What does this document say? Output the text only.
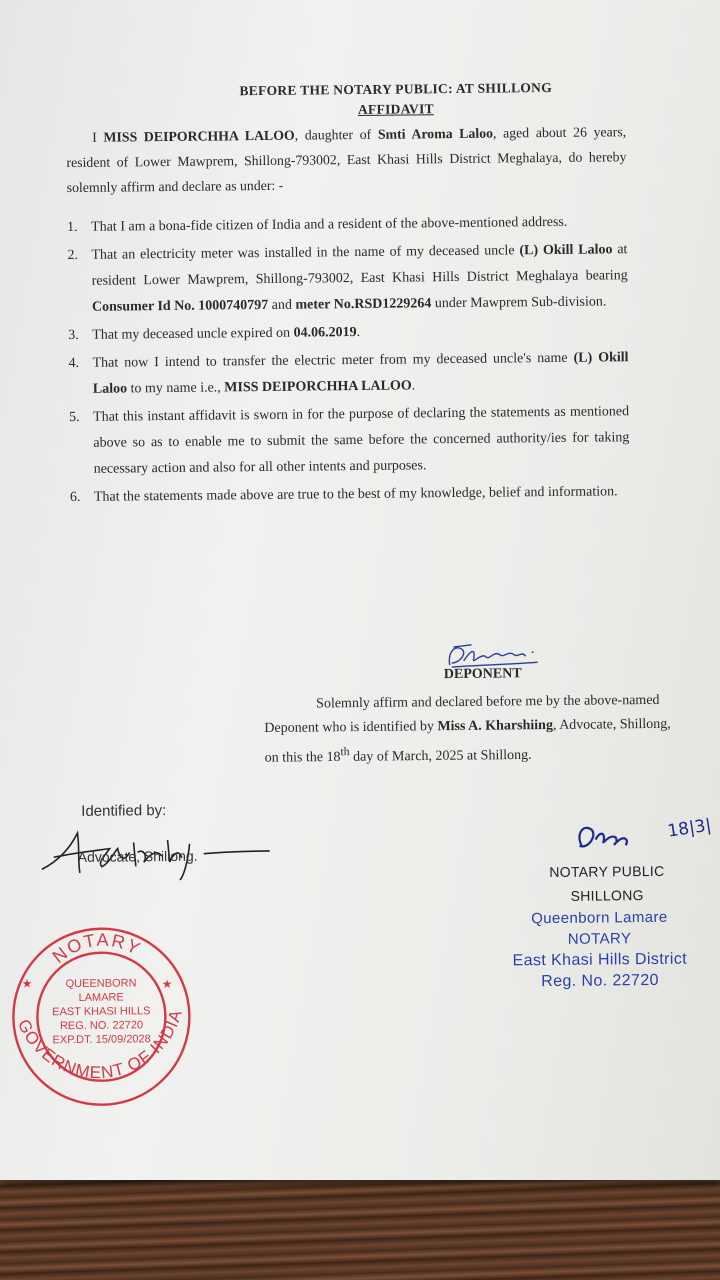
BEFORE THE NOTARY PUBLIC: AT SHILLONG
AFFIDAVIT
I MISS DEIPORCHHA LALOO, daughter of Smti Aroma Laloo, aged about 26 years, resident of Lower Mawprem, Shillong-793002, East Khasi Hills District Meghalaya, do hereby solemnly affirm and declare as under: -
1. That I am a bona-fide citizen of India and a resident of the above-mentioned address.
2. That an electricity meter was installed in the name of my deceased uncle (L) Okill Laloo at resident Lower Mawprem, Shillong-793002, East Khasi Hills District Meghalaya bearing Consumer Id No. 1000740797 and meter No.RSD1229264 under Mawprem Sub-division.
3. That my deceased uncle expired on 04.06.2019.
4. That now I intend to transfer the electric meter from my deceased uncle's name (L) Okill Laloo to my name i.e., MISS DEIPORCHHA LALOO.
5. That this instant affidavit is sworn in for the purpose of declaring the statements as mentioned above so as to enable me to submit the same before the concerned authority/ies for taking necessary action and also for all other intents and purposes.
6. That the statements made above are true to the best of my knowledge, belief and information.
DEPONENT
Solemnly affirm and declared before me by the above-named Deponent who is identified by Miss A. Kharshiing, Advocate, Shillong, on this the 18th day of March, 2025 at Shillong.
Identified by:
Advocate, Shillong.
18|3|
NOTARY PUBLIC
SHILLONG
Queenborn Lamare
NOTARY
East Khasi Hills District
Reg. No. 22720
NOTARY
GOVERNMENT OF INDIA
QUEENBORN
LAMARE
EAST KHASI HILLS
REG. NO. 22720
EXP.DT. 15/09/2028
★	★
